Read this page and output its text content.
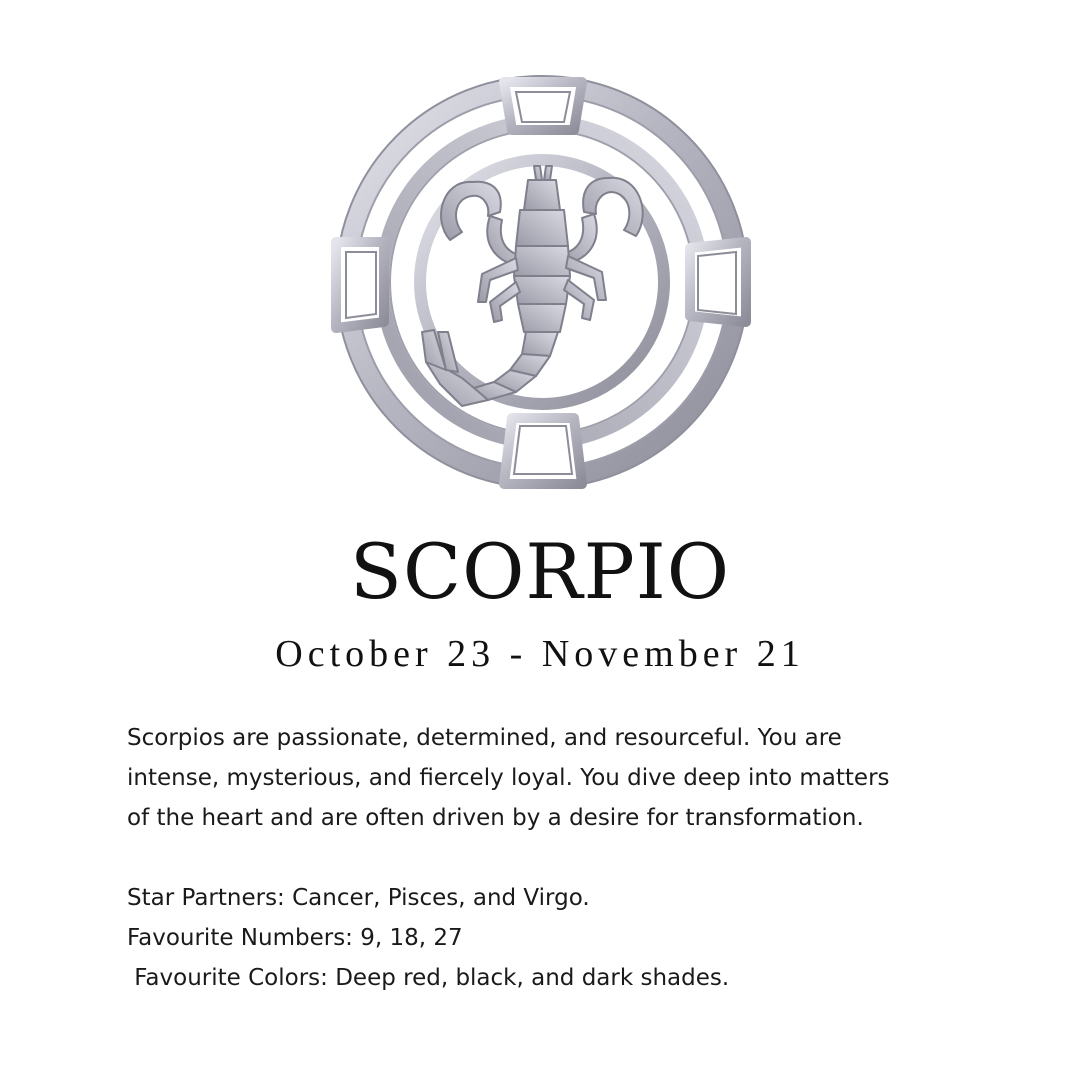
SCORPIO
October 23 - November 21
Scorpios are passionate, determined, and resourceful. You are
intense, mysterious, and fiercely loyal. You dive deep into matters
of the heart and are often driven by a desire for transformation.
Star Partners: Cancer, Pisces, and Virgo.
Favourite Numbers: 9, 18, 27
Favourite Colors: Deep red, black, and dark shades.
